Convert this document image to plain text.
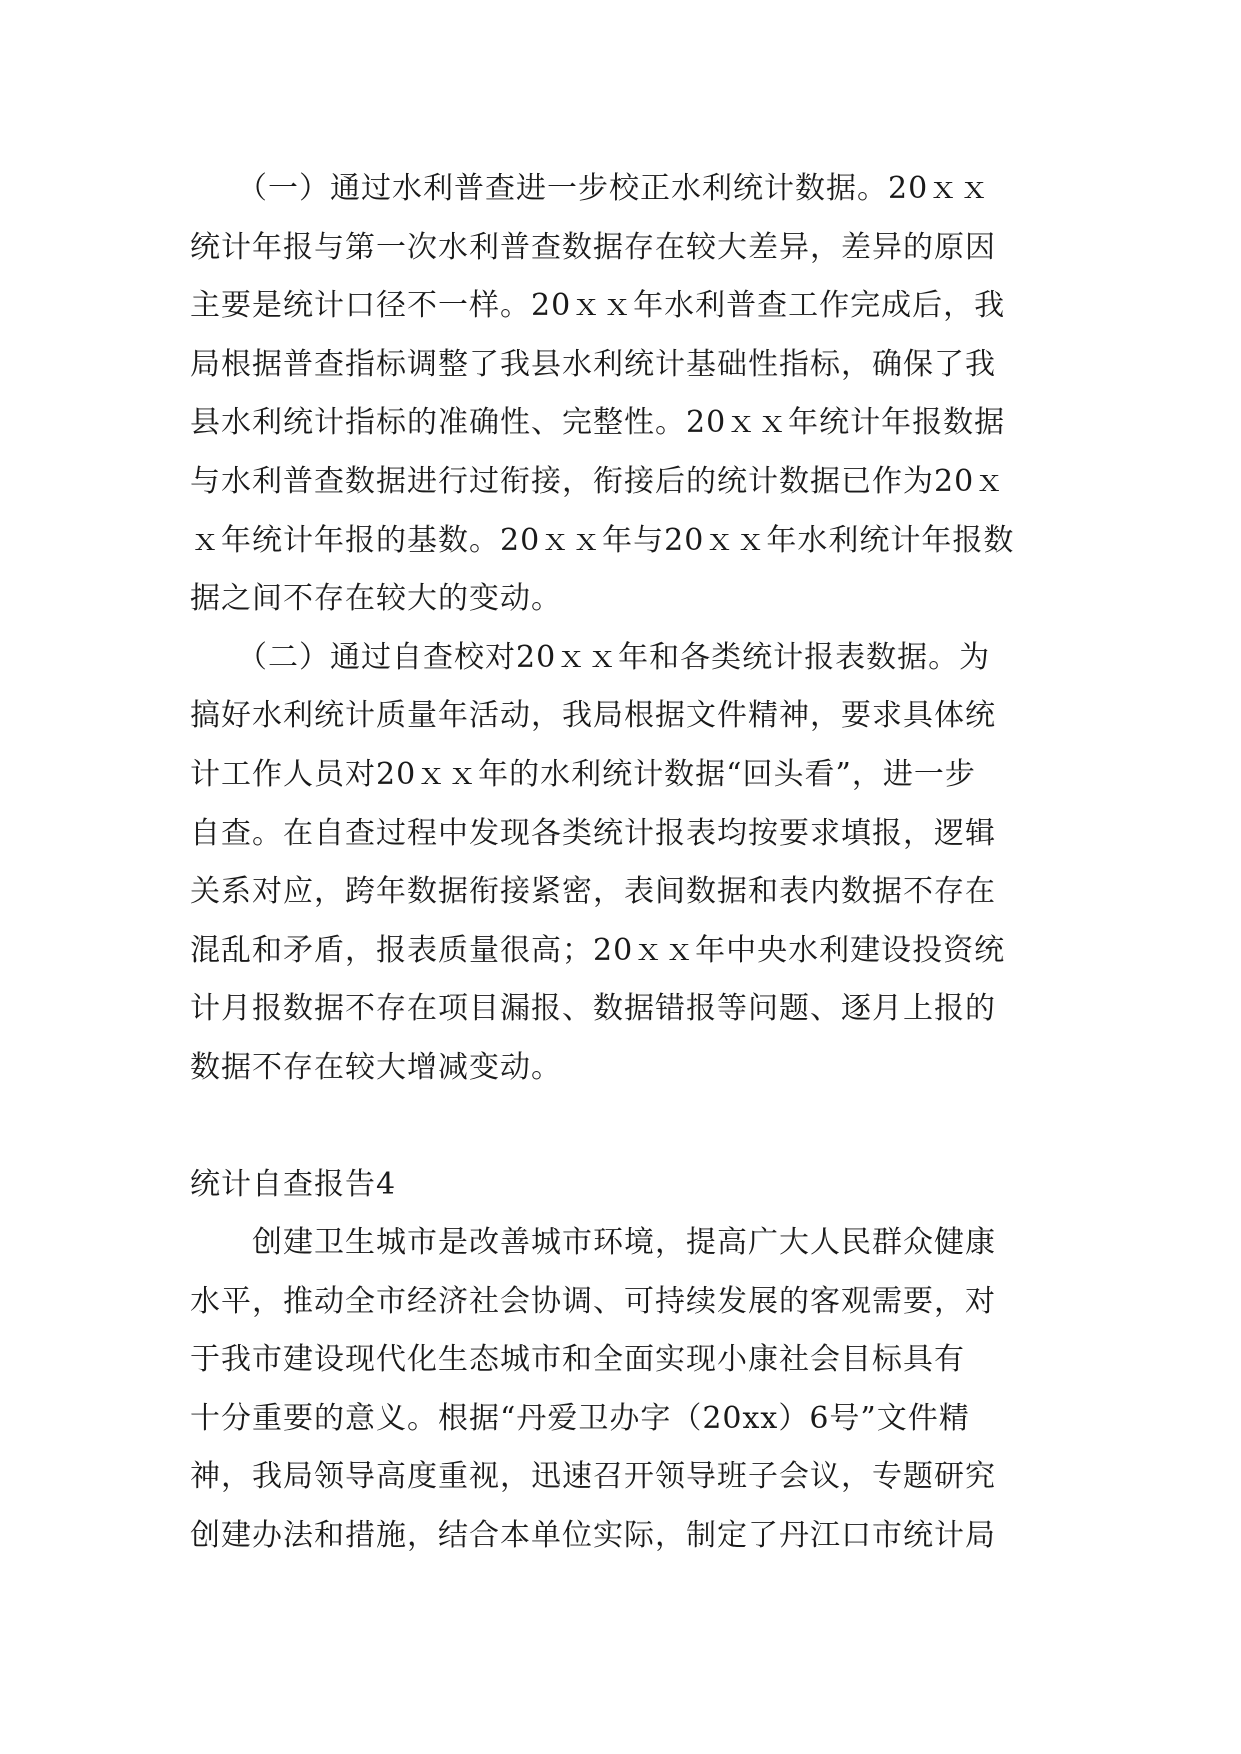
　　（一）通过水利普查进一步校正水利统计数据。20ｘｘ
统计年报与第一次水利普查数据存在较大差异，差异的原因
主要是统计口径不一样。20ｘｘ年水利普查工作完成后，我
局根据普查指标调整了我县水利统计基础性指标，确保了我
县水利统计指标的准确性、完整性。20ｘｘ年统计年报数据
与水利普查数据进行过衔接，衔接后的统计数据已作为20ｘ
ｘ年统计年报的基数。20ｘｘ年与20ｘｘ年水利统计年报数
据之间不存在较大的变动。
　　（二）通过自查校对20ｘｘ年和各类统计报表数据。为
搞好水利统计质量年活动，我局根据文件精神，要求具体统
计工作人员对20ｘｘ年的水利统计数据“回头看”，进一步
自查。在自查过程中发现各类统计报表均按要求填报，逻辑
关系对应，跨年数据衔接紧密，表间数据和表内数据不存在
混乱和矛盾，报表质量很高；20ｘｘ年中央水利建设投资统
计月报数据不存在项目漏报、数据错报等问题、逐月上报的
数据不存在较大增减变动。
统计自查报告4
　　创建卫生城市是改善城市环境，提高广大人民群众健康
水平，推动全市经济社会协调、可持续发展的客观需要，对
于我市建设现代化生态城市和全面实现小康社会目标具有
十分重要的意义。根据“丹爱卫办字（20xx）6号”文件精
神，我局领导高度重视，迅速召开领导班子会议，专题研究
创建办法和措施，结合本单位实际，制定了丹江口市统计局
